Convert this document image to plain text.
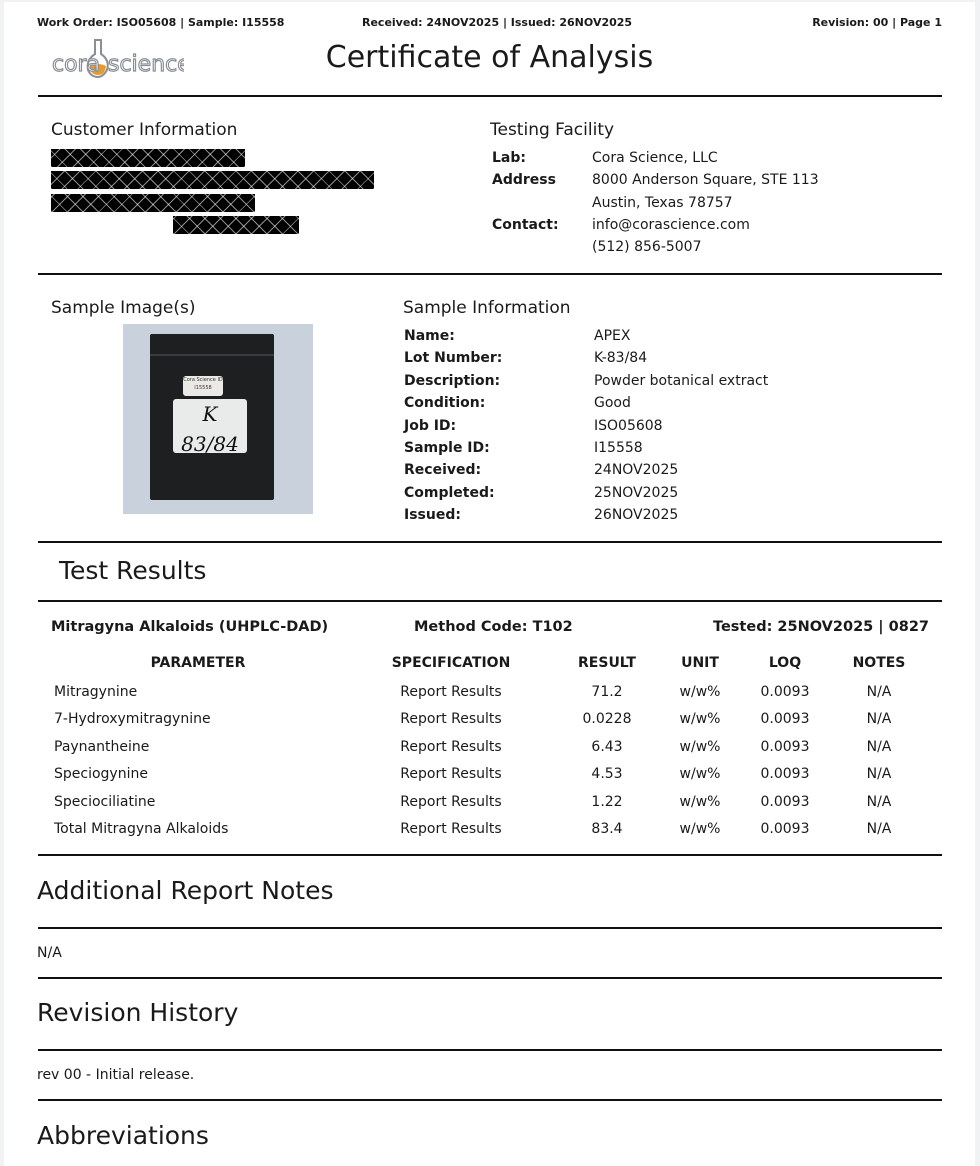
Work Order: ISO05608 | Sample: I15558	Received: 24NOV2025 | Issued: 26NOV2025	Revision: 00 | Page 1
cora science	Certificate of Analysis
Customer Information	Testing Facility
Lab:	Cora Science, LLC
Address	8000 Anderson Square, STE 113
Austin, Texas 78757
Contact: info@corascience.com
(512) 856-5007
Sample Image(s)
Cora Science ID
I15558
K 83/84
Sample Information
Name:	APEX
Lot Number:	K-83/84
Description:	Powder botanical extract
Condition:	Good
Job ID:	ISO05608
Sample ID:	I15558
Received:	24NOV2025
Completed:	25NOV2025
Issued:	26NOV2025
Test Results
Mitragyna Alkaloids (UHPLC-DAD)	Method Code: T102	Tested: 25NOV2025 | 0827
PARAMETER	SPECIFICATION	RESULT	UNIT	LOQ	NOTES
Mitragynine	Report Results	71.2	w/w%	0.0093	N/A
7-Hydroxymitragynine	Report Results	0.0228	w/w%	0.0093	N/A
Paynantheine	Report Results	6.43	w/w%	0.0093	N/A
Speciogynine	Report Results	4.53	w/w%	0.0093	N/A
Speciociliatine	Report Results	1.22	w/w%	0.0093	N/A
Total Mitragyna Alkaloids	Report Results	83.4	w/w%	0.0093	N/A
Additional Report Notes
N/A
Revision History
rev 00 - Initial release.
Abbreviations
